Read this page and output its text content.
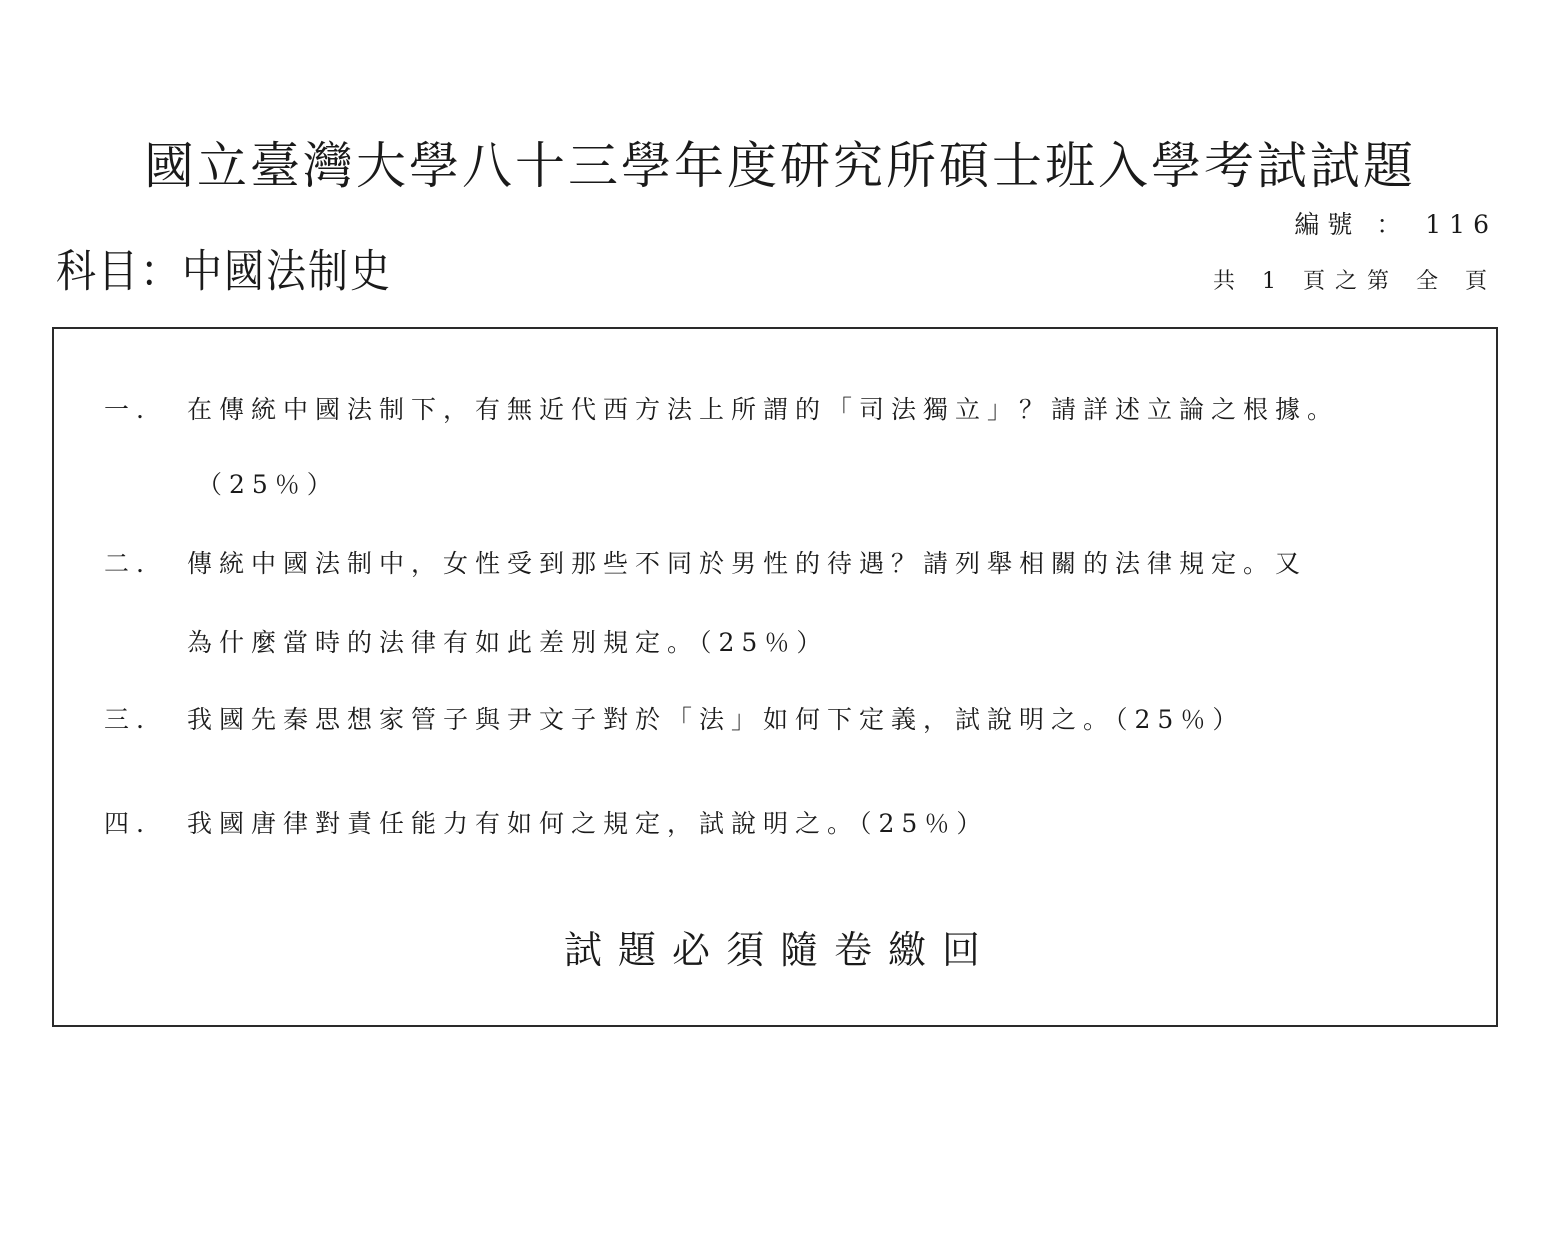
國立臺灣大學八十三學年度研究所碩士班入學考試試題
編號 ： 116
科目：中國法制史	共 1 頁之第 全 頁
一. 在傳統中國法制下，有無近代西方法上所謂的「司法獨立」？請詳述立論之根據。
（25％）
二. 傳統中國法制中，女性受到那些不同於男性的待遇？請列舉相關的法律規定。又
為什麼當時的法律有如此差別規定。（25％）
三. 我國先秦思想家管子與尹文子對於「法」如何下定義，試說明之。（25％）
四. 我國唐律對責任能力有如何之規定，試說明之。（25％）
試題必須隨卷繳回
